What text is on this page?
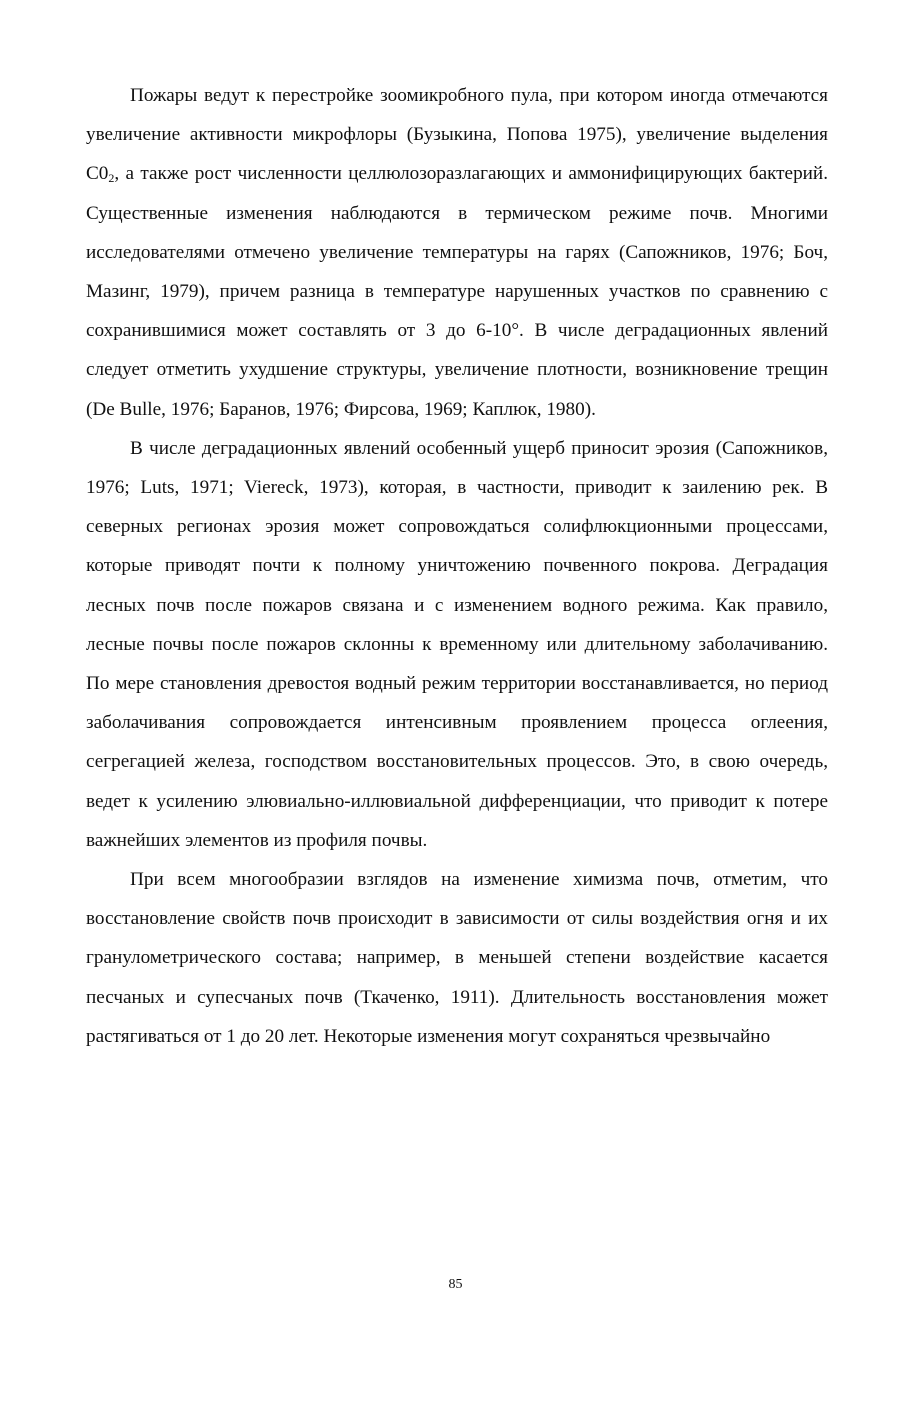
Пожары ведут к перестройке зоомикробного пула, при котором иногда отмечаются увеличение активности микрофлоры (Бузыкина, Попова 1975), увеличение выделения $С0_2$, а также рост численности целлюлозоразлагающих и аммонифицирующих бактерий. Существенные изменения наблюдаются в термическом режиме почв. Многими исследователями отмечено увеличение температуры на гарях (Сапожников, 1976; Боч, Мазинг, 1979), причем разница в температуре нарушенных участков по сравнению с сохранившимися может составлять от 3 до 6-10°. В числе деградационных явлений следует отметить ухудшение структуры, увеличение плотности, возникновение трещин (De Bulle, 1976; Баранов, 1976; Фирсова, 1969; Каплюк, 1980).

В числе деградационных явлений особенный ущерб приносит эрозия (Сапожников, 1976; Luts, 1971; Viereck, 1973), которая, в частности, приводит к заилению рек. В северных регионах эрозия может сопровождаться солифлюкционными процессами, которые приводят почти к полному уничтожению почвенного покрова. Деградация лесных почв после пожаров связана и с изменением водного режима. Как правило, лесные почвы после пожаров склонны к временному или длительному заболачиванию. По мере становления древостоя водный режим территории восстанавливается, но период заболачивания сопровождается интенсивным проявлением процесса оглеения, сегрегацией железа, господством восстановительных процессов. Это, в свою очередь, ведет к усилению элювиально-иллювиальной дифференциации, что приводит к потере важнейших элементов из профиля почвы.

При всем многообразии взглядов на изменение химизма почв, отметим, что восстановление свойств почв происходит в зависимости от силы воздействия огня и их гранулометрического состава; например, в меньшей степени воздействие касается песчаных и супесчаных почв (Ткаченко, 1911). Длительность восстановления может растягиваться от 1 до 20 лет. Некоторые изменения могут сохраняться чрезвычайно

85
